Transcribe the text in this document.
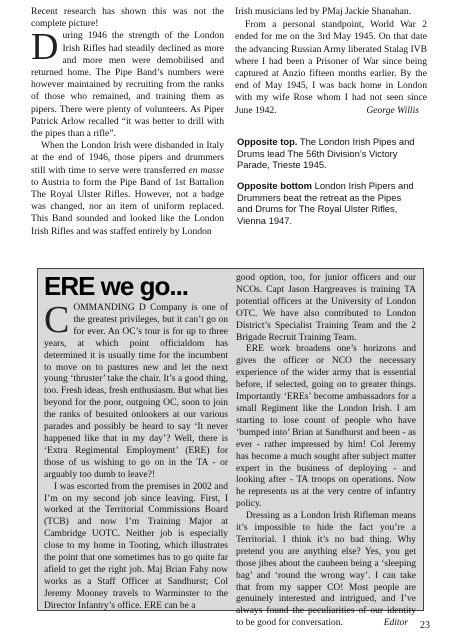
Recent research has shown this was not the complete picture!

During 1946 the strength of the London Irish Rifles had steadily declined as more and more men were demobilised and returned home. The Pipe Band’s numbers were however maintained by recruiting from the ranks of those who remained, and training them as pipers. There were plenty of volunteers. As Piper Patrick Arlow recalled “it was better to drill with the pipes than a rifle”.

When the London Irish were disbanded in Italy at the end of 1946, those pipers and drummers still with time to serve were transferred en masse to Austria to form the Pipe Band of 1st Battalion The Royal Ulster Rifles. However, not a badge was changed, nor an item of uniform replaced. This Band sounded and looked like the London Irish Rifles and was staffed entirely by London

Irish musicians led by PMaj Jackie Shanahan.

From a personal standpoint, World War 2 ended for me on the 3rd May 1945. On that date the advancing Russian Army liberated Stalag IVB where I had been a Prisoner of War since being captured at Anzio fifteen months earlier. By the end of May 1945, I was back home in London with my wife Rose whom I had not seen since June 1942.	George Willis

Opposite top. The London Irish Pipes and Drums lead The 56th Division’s Victory Parade, Trieste 1945.
Opposite bottom London Irish Pipers and Drummers beat the retreat as the Pipes and Drums for The Royal Ulster Rifles, Vienna 1947.
ERE we go...

COMMANDING D Company is one of the greatest privileges, but it can’t go on for ever. An OC’s tour is for up to three years, at which point officialdom has determined it is usually time for the incumbent to move on to pastures new and let the next young ‘thruster’ take the chair. It’s a good thing, too. Fresh ideas, fresh enthusiasm. But what lies beyond for the poor, outgoing OC, soon to join the ranks of besuited onlookers at our various parades and possibly be heard to say ‘It never happened like that in my day’? Well, there is ‘Extra Regimental Employment’ (ERE) for those of us wishing to go on in the TA - or arguably too dumb to leave?!

I was escorted from the premises in 2002 and I’m on my second job since leaving. First, I worked at the Territorial Commissions Board (TCB) and now I’m Training Major at Cambridge UOTC. Neither job is especially close to my home in Tooting, which illustrates the point that one sometimes has to go quite far afield to get the right job. Maj Brian Fahy now works as a Staff Officer at Sandhurst; Col Jeremy Mooney travels to Warminster to the Director Infantry’s office. ERE can be a

good option, too, for junior officers and our NCOs. Capt Jason Hargreaves is training TA potential officers at the University of London OTC. We have also contributed to London District’s Specialist Training Team and the 2 Brigade Recruit Training Team.

ERE work broadens one’s horizons and gives the officer or NCO the necessary experience of the wider army that is essential before, if selected, going on to greater things. Importantly ‘EREs’ become ambassadors for a small Regiment like the London Irish. I am starting to lose count of people who have ‘bumped into’ Brian at Sandhurst and been - as ever - rather impressed by him! Col Jeremy has become a much sought after subject matter expert in the business of deploying - and looking after - TA troops on operations. Now he represents us at the very centre of infantry policy.

Dressing as a London Irish Rifleman means it’s impossible to hide the fact you’re a Territorial. I think it’s no bad thing. Why pretend you are anything else? Yes, you get those jibes about the caubeen being a ‘sleeping bag’ and ‘round the wrong way’. I can take that from my sapper CO! Most people are genuinely interested and intrigued, and I’ve always found the peculiarities of our identity to be good for conversation.	Editor	23
